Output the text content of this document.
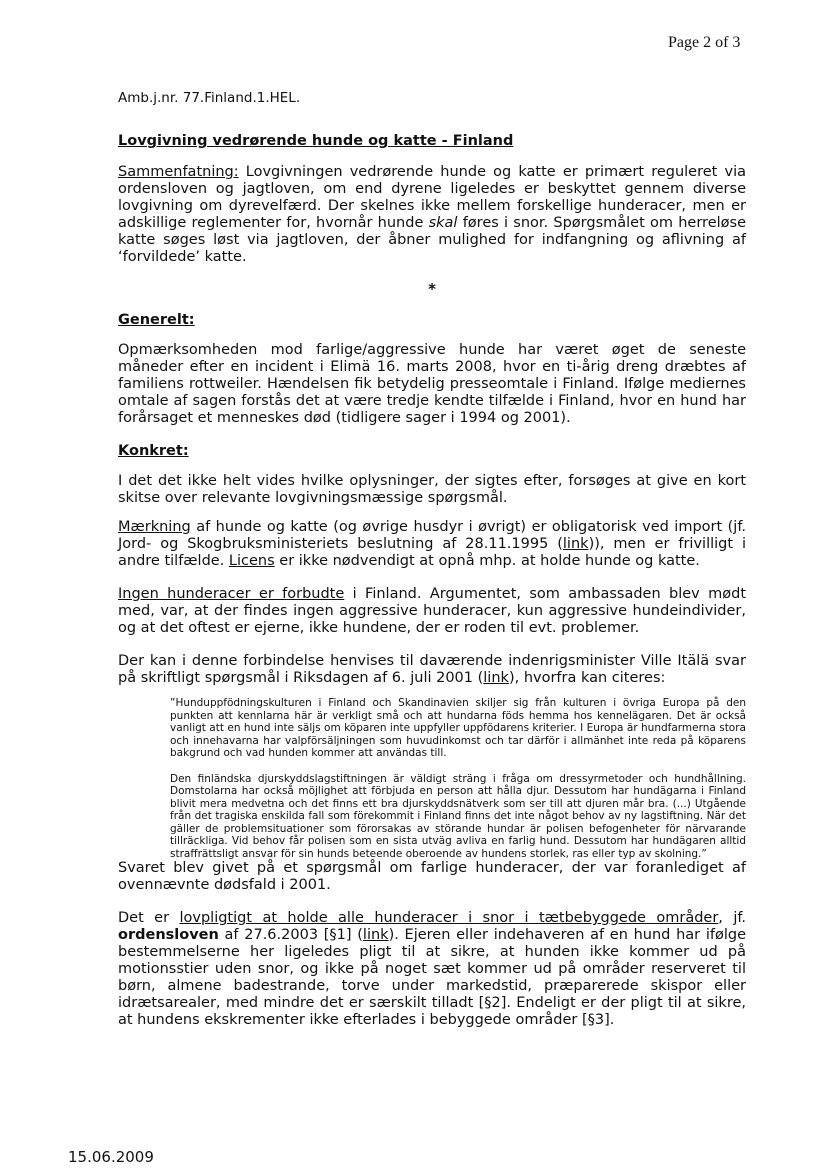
Page 2 of 3
Amb.j.nr. 77.Finland.1.HEL.
Lovgivning vedrørende hunde og katte - Finland

Sammenfatning: Lovgivningen vedrørende hunde og katte er primært reguleret via ordensloven og jagtloven, om end dyrene ligeledes er beskyttet gennem diverse lovgivning om dyrevelfærd. Der skelnes ikke mellem forskellige hunderacer, men er adskillige reglementer for, hvornår hunde skal føres i snor. Spørgsmålet om herreløse katte søges løst via jagtloven, der åbner mulighed for indfangning og aflivning af ‘forvildede’ katte.

*
Generelt:

Opmærksomheden mod farlige/aggressive hunde har været øget de seneste måneder efter en incident i Elimä 16. marts 2008, hvor en ti-årig dreng dræbtes af familiens rottweiler. Hændelsen fik betydelig presseomtale i Finland. Ifølge mediernes omtale af sagen forstås det at være tredje kendte tilfælde i Finland, hvor en hund har forårsaget et menneskes død (tidligere sager i 1994 og 2001).

Konkret:

I det det ikke helt vides hvilke oplysninger, der sigtes efter, forsøges at give en kort skitse over relevante lovgivningsmæssige spørgsmål.

Mærkning af hunde og katte (og øvrige husdyr i øvrigt) er obligatorisk ved import (jf. Jord- og Skogbruksministeriets beslutning af 28.11.1995 (link)), men er frivilligt i andre tilfælde. Licens er ikke nødvendigt at opnå mhp. at holde hunde og katte.

Ingen hunderacer er forbudte i Finland. Argumentet, som ambassaden blev mødt med, var, at der findes ingen aggressive hunderacer, kun aggressive hundeindivider, og at det oftest er ejerne, ikke hundene, der er roden til evt. problemer.

Der kan i denne forbindelse henvises til daværende indenrigsminister Ville Itälä svar på skriftligt spørgsmål i Riksdagen af 6. juli 2001 (link), hvorfra kan citeres:

”Hunduppfödningskulturen i Finland och Skandinavien skiljer sig från kulturen i övriga Europa på den punkten att kennlarna här är verkligt små och att hundarna föds hemma hos kennelägaren. Det är också vanligt att en hund inte säljs om köparen inte uppfyller uppfödarens kriterier. I Europa är hundfarmerna stora och innehavarna har valpförsäljningen som huvudinkomst och tar därför i allmänhet inte reda på köparens bakgrund och vad hunden kommer att användas till.

Den finländska djurskyddslagstiftningen är väldigt sträng i fråga om dressyrmetoder och hundhållning. Domstolarna har också möjlighet att förbjuda en person att hålla djur. Dessutom har hundägarna i Finland blivit mera medvetna och det finns ett bra djurskyddsnätverk som ser till att djuren mår bra. (...) Utgående från det tragiska enskilda fall som förekommit i Finland finns det inte något behov av ny lagstiftning. När det gäller de problemsituationer som förorsakas av störande hundar är polisen befogenheter för närvarande tillräckliga. Vid behov får polisen som en sista utväg avliva en farlig hund. Dessutom har hundägaren alltid straffrättsligt ansvar för sin hunds beteende oberoende av hundens storlek, ras eller typ av skolning.”

Svaret blev givet på et spørgsmål om farlige hunderacer, der var foranlediget af ovennævnte dødsfald i 2001.

Det er lovpligtigt at holde alle hunderacer i snor i tætbebyggede områder, jf. ordensloven af 27.6.2003 [§1] (link). Ejeren eller indehaveren af en hund har ifølge bestemmelserne her ligeledes pligt til at sikre, at hunden ikke kommer ud på motionsstier uden snor, og ikke på noget sæt kommer ud på områder reserveret til børn, almene badestrande, torve under markedstid, præparerede skispor eller idrætsarealer, med mindre det er særskilt tilladt [§2]. Endeligt er der pligt til at sikre, at hundens ekskrementer ikke efterlades i bebyggede områder [§3].

15.06.2009
